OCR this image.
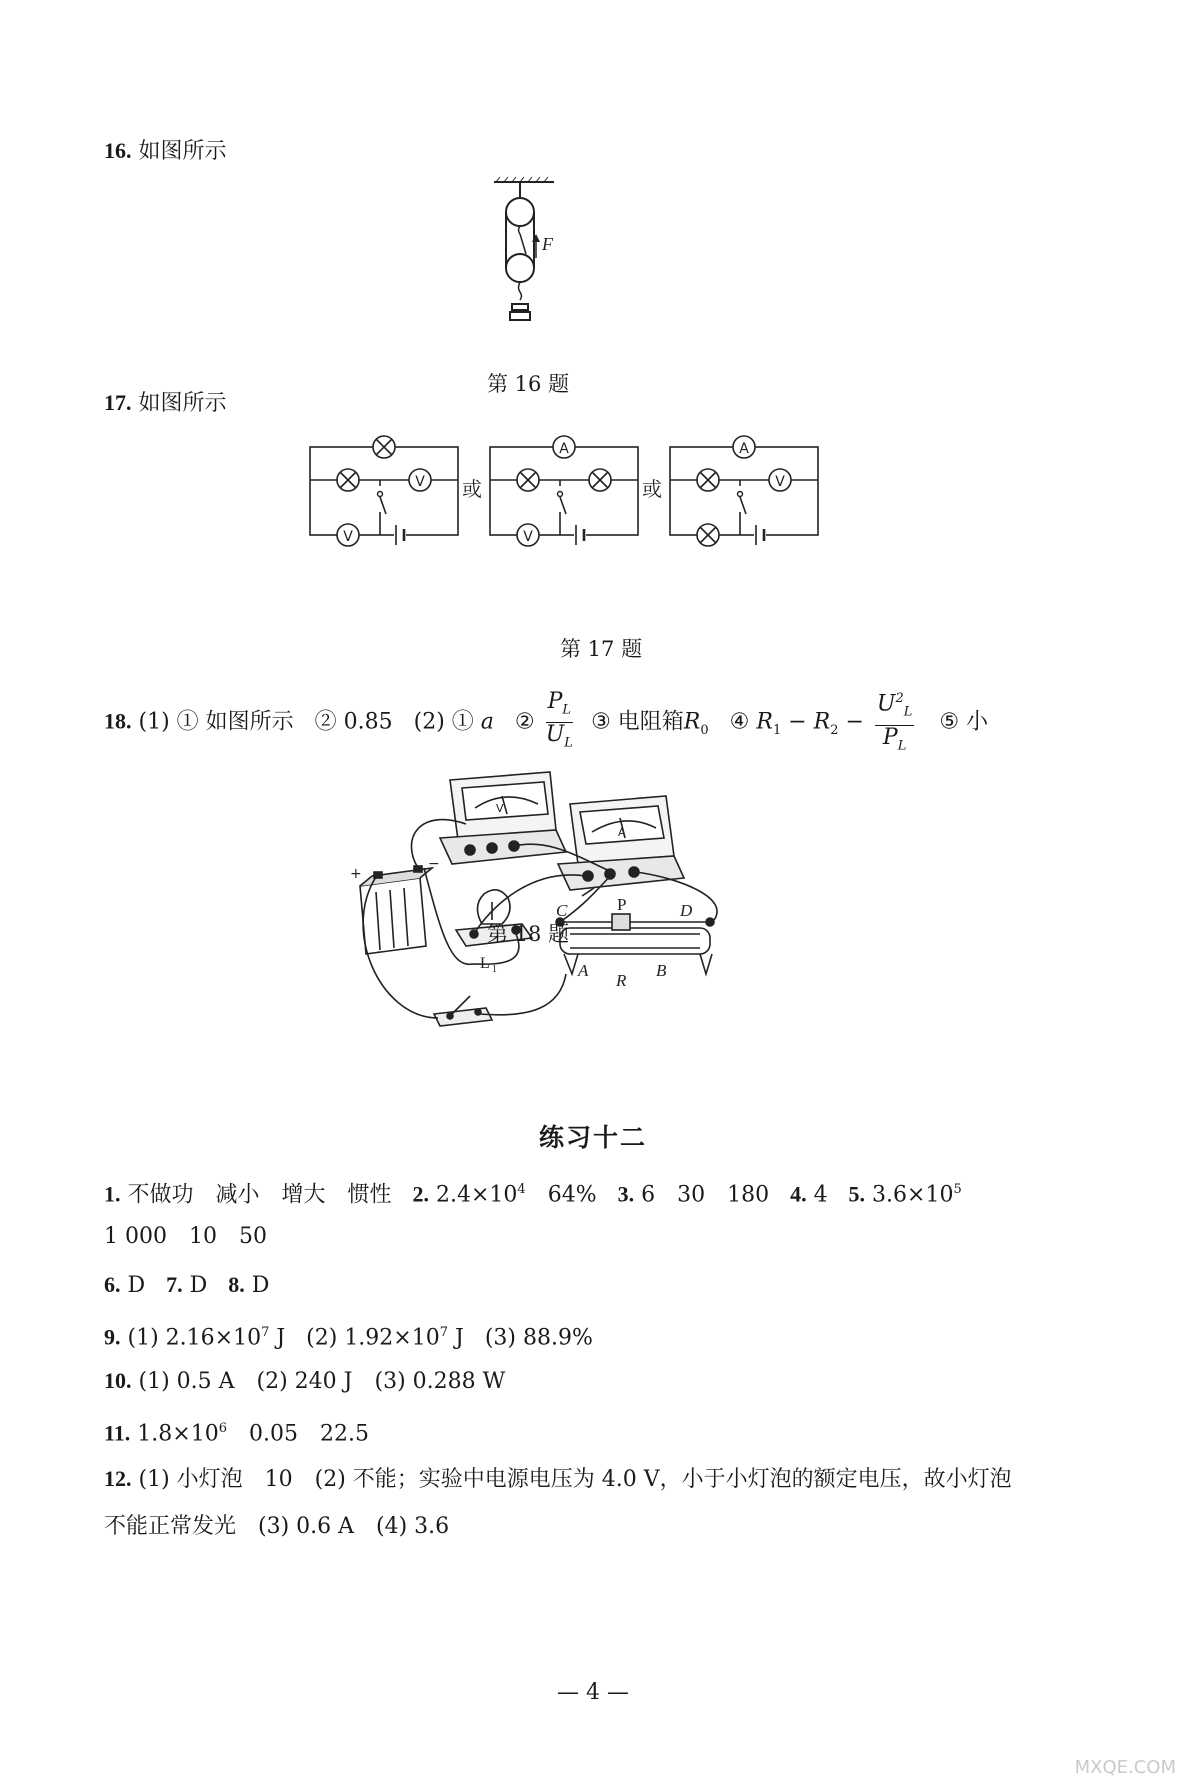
16. 如图所示
F
第 16 题
17. 如图所示
V
V
或
A
V
或
A
V
第 17 题
18. (1) ① 如图所示 ② 0.85 (2) ① a ② $\frac{P_L}{U_L}$ ③ 电阻箱$R_0$ ④ $R_1 - R_2 - \frac{U^2_L}{P_L}$ ⑤ 小
V
A
+
−
L 1
C	P	D
A
R
B
第 18 题
练习十二
1. 不做功　减小　增大　惯性 2. $2.4\times 10^4$　64% 3. 6　30　180 4. 4 5. $3.6\times 10^5$
1 000　10　50
6. D 7. D 8. D
9. (1) $2.16\times 10^7$ J (2) $1.92\times 10^7$ J (3) 88.9%
10. (1) 0.5 A　(2) 240 J　(3) 0.288 W
11. $1.8\times 10^6$　0.05　22.5
12. (1) 小灯泡　10　(2) 不能；实验中电源电压为 4.0 V，小于小灯泡的额定电压，故小灯泡
不能正常发光　(3) 0.6 A　(4) 3.6
— 4 —
MXQE.COM
